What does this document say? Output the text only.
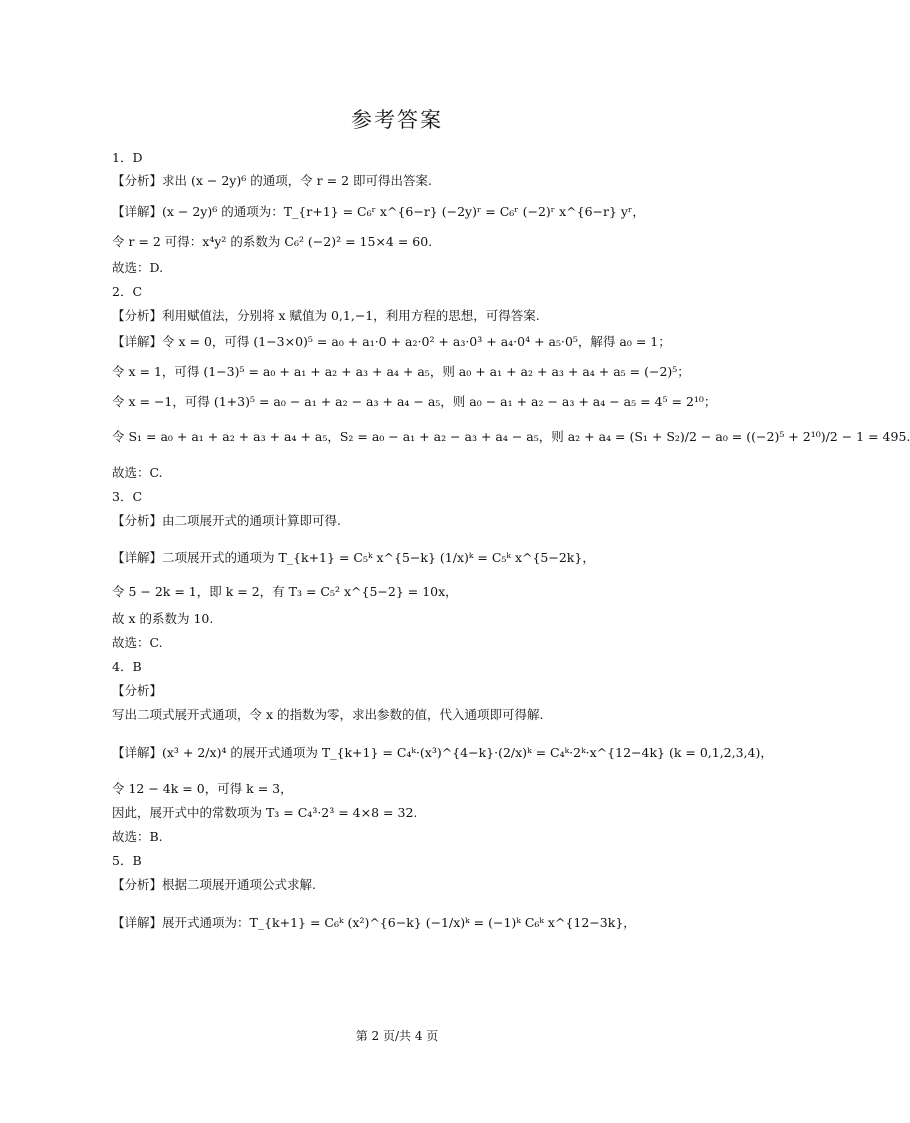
参考答案
1．D
【分析】求出 (x − 2y)⁶ 的通项，令 r = 2 即可得出答案.
【详解】(x − 2y)⁶ 的通项为：T_{r+1} = C₆ʳ x^{6−r} (−2y)ʳ = C₆ʳ (−2)ʳ x^{6−r} yʳ，
令 r = 2 可得：x⁴y² 的系数为 C₆² (−2)² = 15×4 = 60.
故选：D.
2．C
【分析】利用赋值法，分别将 x 赋值为 0,1,−1，利用方程的思想，可得答案.
【详解】令 x = 0，可得 (1−3×0)⁵ = a₀ + a₁·0 + a₂·0² + a₃·0³ + a₄·0⁴ + a₅·0⁵，解得 a₀ = 1；
令 x = 1，可得 (1−3)⁵ = a₀ + a₁ + a₂ + a₃ + a₄ + a₅，则 a₀ + a₁ + a₂ + a₃ + a₄ + a₅ = (−2)⁵；
令 x = −1，可得 (1+3)⁵ = a₀ − a₁ + a₂ − a₃ + a₄ − a₅，则 a₀ − a₁ + a₂ − a₃ + a₄ − a₅ = 4⁵ = 2¹⁰；
令 S₁ = a₀ + a₁ + a₂ + a₃ + a₄ + a₅，S₂ = a₀ − a₁ + a₂ − a₃ + a₄ − a₅，则 a₂ + a₄ = (S₁ + S₂)/2 − a₀ = ((−2)⁵ + 2¹⁰)/2 − 1 = 495.
故选：C.
3．C
【分析】由二项展开式的通项计算即可得.
【详解】二项展开式的通项为 T_{k+1} = C₅ᵏ x^{5−k} (1/x)ᵏ = C₅ᵏ x^{5−2k}，
令 5 − 2k = 1，即 k = 2，有 T₃ = C₅² x^{5−2} = 10x，
故 x 的系数为 10.
故选：C.
4．B
【分析】
写出二项式展开式通项，令 x 的指数为零，求出参数的值，代入通项即可得解.
【详解】(x³ + 2/x)⁴ 的展开式通项为 T_{k+1} = C₄ᵏ·(x³)^{4−k}·(2/x)ᵏ = C₄ᵏ·2ᵏ·x^{12−4k} (k = 0,1,2,3,4)，
令 12 − 4k = 0，可得 k = 3，
因此，展开式中的常数项为 T₃ = C₄³·2³ = 4×8 = 32.
故选：B.
5．B
【分析】根据二项展开通项公式求解.
【详解】展开式通项为：T_{k+1} = C₆ᵏ (x²)^{6−k} (−1/x)ᵏ = (−1)ᵏ C₆ᵏ x^{12−3k}，
第 2 页/共 4 页
